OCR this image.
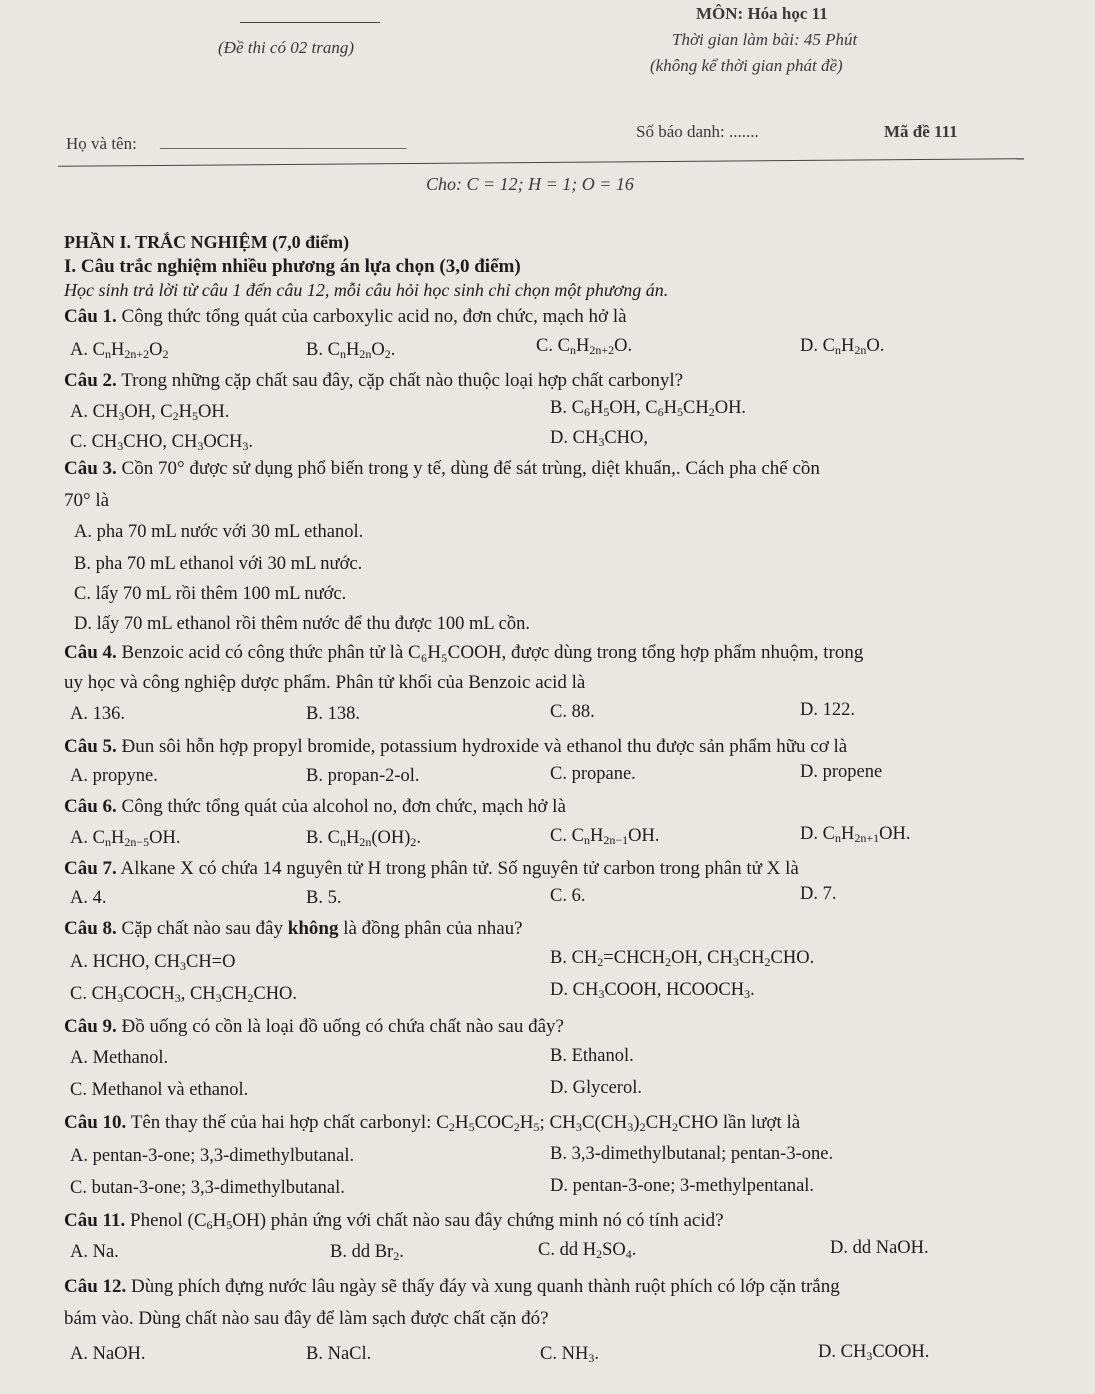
MÔN: Hóa học 11
(Đề thi có 02 trang)	Thời gian làm bài: 45 Phút
(không kể thời gian phát đề)
Họ và tên: _____________________________
Số báo danh: .......	Mã đề 111
Cho: C = 12; H = 1; O = 16
PHẦN I. TRẮC NGHIỆM (7,0 điểm)
I. Câu trắc nghiệm nhiều phương án lựa chọn (3,0 điểm)
Học sinh trả lời từ câu 1 đến câu 12, mỗi câu hỏi học sinh chỉ chọn một phương án.
Câu 1. Công thức tổng quát của carboxylic acid no, đơn chức, mạch hở là
A. $C_nH_{2n+2}O_2$	B. $C_nH_{2n}O_2$.	C. $C_nH_{2n+2}O$.	D. $C_nH_{2n}O$.
Câu 2. Trong những cặp chất sau đây, cặp chất nào thuộc loại hợp chất carbonyl?
A. $CH_3OH$, $C_2H_5OH$.	B. $C_6H_5OH$, $C_6H_5CH_2OH$.
C. $CH_3CHO$, $CH_3OCH_3$.	D. $CH_3CHO$,
Câu 3. Cồn 70° được sử dụng phổ biến trong y tế, dùng để sát trùng, diệt khuẩn,. Cách pha chế cồn
70° là
A. pha 70 mL nước với 30 mL ethanol.
B. pha 70 mL ethanol với 30 mL nước.
C. lấy 70 mL rồi thêm 100 mL nước.
D. lấy 70 mL ethanol rồi thêm nước để thu được 100 mL cồn.
Câu 4. Benzoic acid có công thức phân tử là C₆H₅COOH, được dùng trong tổng hợp phẩm nhuộm, trong
uy học và công nghiệp dược phẩm. Phân tử khối của Benzoic acid là
A. 136.	B. 138.	C. 88.	D. 122.
Câu 5. Đun sôi hỗn hợp propyl bromide, potassium hydroxide và ethanol thu được sản phẩm hữu cơ là
A. propyne.	B. propan-2-ol.	C. propane.	D. propene
Câu 6. Công thức tổng quát của alcohol no, đơn chức, mạch hở là
A. $C_nH_{2n-5}OH$.	B. $C_nH_{2n}(OH)_2$.	C. $C_nH_{2n-1}OH$.	D. $C_nH_{2n+1}OH$.
Câu 7. Alkane X có chứa 14 nguyên tử H trong phân tử. Số nguyên tử carbon trong phân tử X là
A. 4.	B. 5.	C. 6.	D. 7.
Câu 8. Cặp chất nào sau đây không là đồng phân của nhau?
A. HCHO, $CH_3CH=O$	B. $CH_2=CHCH_2OH$, $CH_3CH_2CHO$.
C. $CH_3COCH_3$, $CH_3CH_2CHO$.	D. $CH_3COOH$, $HCOOCH_3$.
Câu 9. Đồ uống có cồn là loại đồ uống có chứa chất nào sau đây?
A. Methanol.	B. Ethanol.
C. Methanol và ethanol.	D. Glycerol.
Câu 10. Tên thay thế của hai hợp chất carbonyl: $C_2H_5COC_2H_5$; $CH_3C(CH_3)_2CH_2CHO$ lần lượt là
A. pentan-3-one; 3,3-dimethylbutanal.	B. 3,3-dimethylbutanal; pentan-3-one.
C. butan-3-one; 3,3-dimethylbutanal.	D. pentan-3-one; 3-methylpentanal.
Câu 11. Phenol $(C_6H_5OH)$ phản ứng với chất nào sau đây chứng minh nó có tính acid?
A. Na.	B. dd $Br_2$.	C. dd $H_2SO_4$.	D. dd NaOH.
Câu 12. Dùng phích đựng nước lâu ngày sẽ thấy đáy và xung quanh thành ruột phích có lớp cặn trắng
bám vào. Dùng chất nào sau đây để làm sạch được chất cặn đó?
A. NaOH.	B. NaCl.	C. $NH_3$.	D. $CH_3COOH$.
